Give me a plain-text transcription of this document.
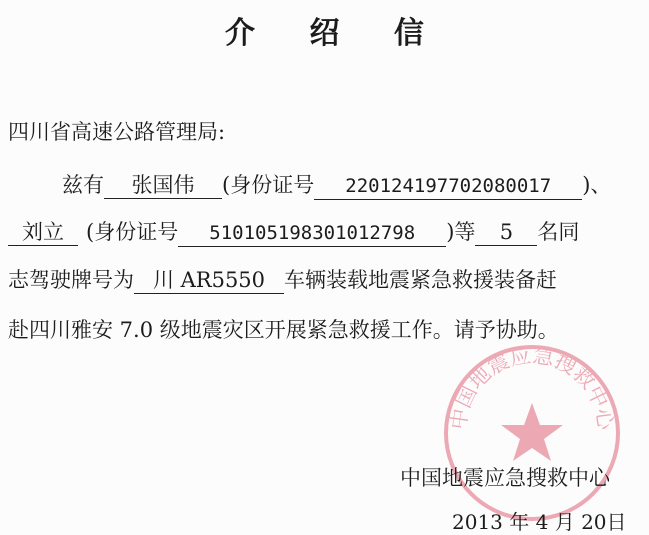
介 绍 信
四川省高速公路管理局:
兹有 张国伟 (身份证号 220124197702080017 )、
刘立 (身份证号 510105198301012798 )等 5 名同
志驾驶牌号为 川 AR5550 车辆装载地震紧急救援装备赶
赴四川雅安 7.0 级地震灾区开展紧急救援工作。请予协助。
中国地震应急搜救中心
中国地震应急搜救中心
2013 年 4 月 20日
